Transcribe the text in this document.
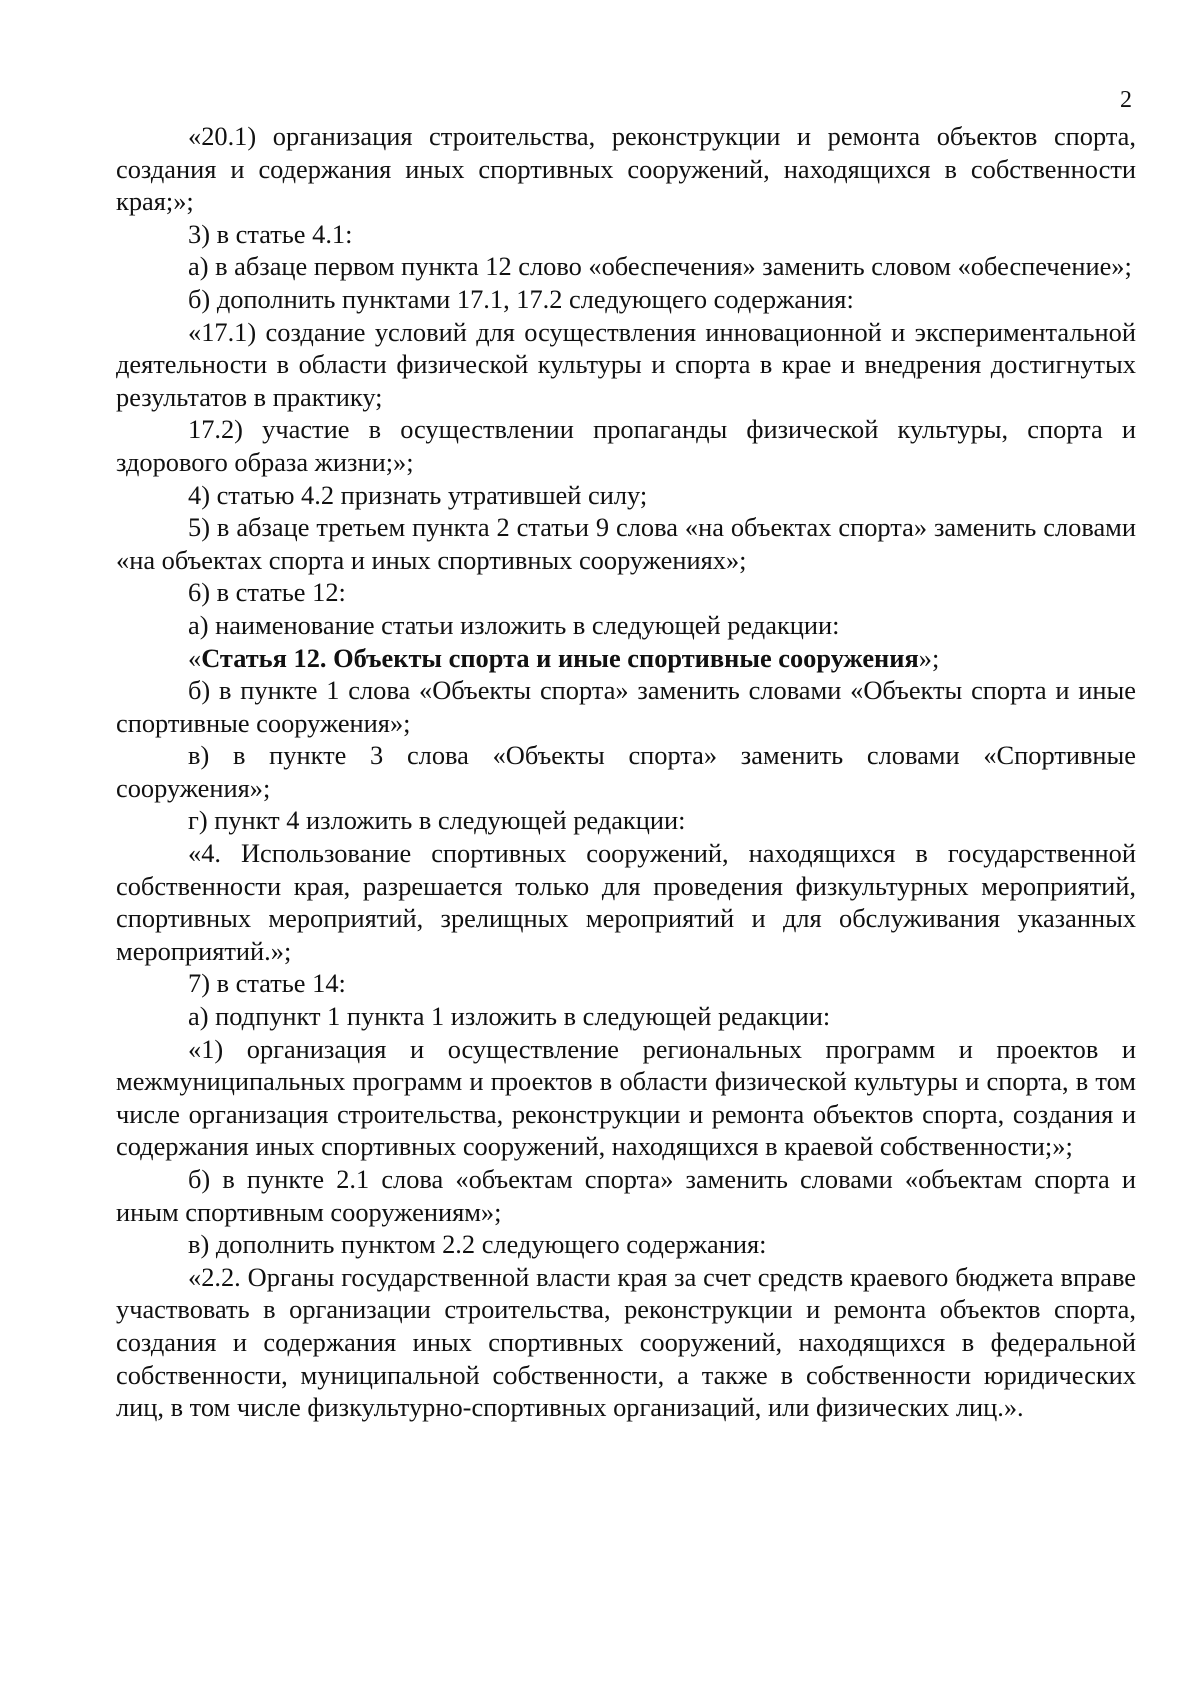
2

«20.1) организация строительства, реконструкции и ремонта объектов спорта, создания и содержания иных спортивных сооружений, находящихся в собственности края;»;

3) в статье 4.1:

а) в абзаце первом пункта 12 слово «обеспечения» заменить словом «обеспечение»;

б) дополнить пунктами 17.1, 17.2 следующего содержания:

«17.1) создание условий для осуществления инновационной и экспериментальной деятельности в области физической культуры и спорта в крае и внедрения достигнутых результатов в практику;

17.2) участие в осуществлении пропаганды физической культуры, спорта и здорового образа жизни;»;

4) статью 4.2 признать утратившей силу;

5) в абзаце третьем пункта 2 статьи 9 слова «на объектах спорта» заменить словами «на объектах спорта и иных спортивных сооружениях»;

6) в статье 12:

а) наименование статьи изложить в следующей редакции:

«Статья 12. Объекты спорта и иные спортивные сооружения»;

б) в пункте 1 слова «Объекты спорта» заменить словами «Объекты спорта и иные спортивные сооружения»;

в) в пункте 3 слова «Объекты спорта» заменить словами «Спортивные сооружения»;

г) пункт 4 изложить в следующей редакции:

«4. Использование спортивных сооружений, находящихся в государственной собственности края, разрешается только для проведения физкультурных мероприятий, спортивных мероприятий, зрелищных мероприятий и для обслуживания указанных мероприятий.»;

7) в статье 14:

а) подпункт 1 пункта 1 изложить в следующей редакции:

«1) организация и осуществление региональных программ и проектов и межмуниципальных программ и проектов в области физической культуры и спорта, в том числе организация строительства, реконструкции и ремонта объектов спорта, создания и содержания иных спортивных сооружений, находящихся в краевой собственности;»;

б) в пункте 2.1 слова «объектам спорта» заменить словами «объектам спорта и иным спортивным сооружениям»;

в) дополнить пунктом 2.2 следующего содержания:

«2.2. Органы государственной власти края за счет средств краевого бюджета вправе участвовать в организации строительства, реконструкции и ремонта объектов спорта, создания и содержания иных спортивных сооружений, находящихся в федеральной собственности, муниципальной собственности, а также в собственности юридических лиц, в том числе физкультурно-спортивных организаций, или физических лиц.».
